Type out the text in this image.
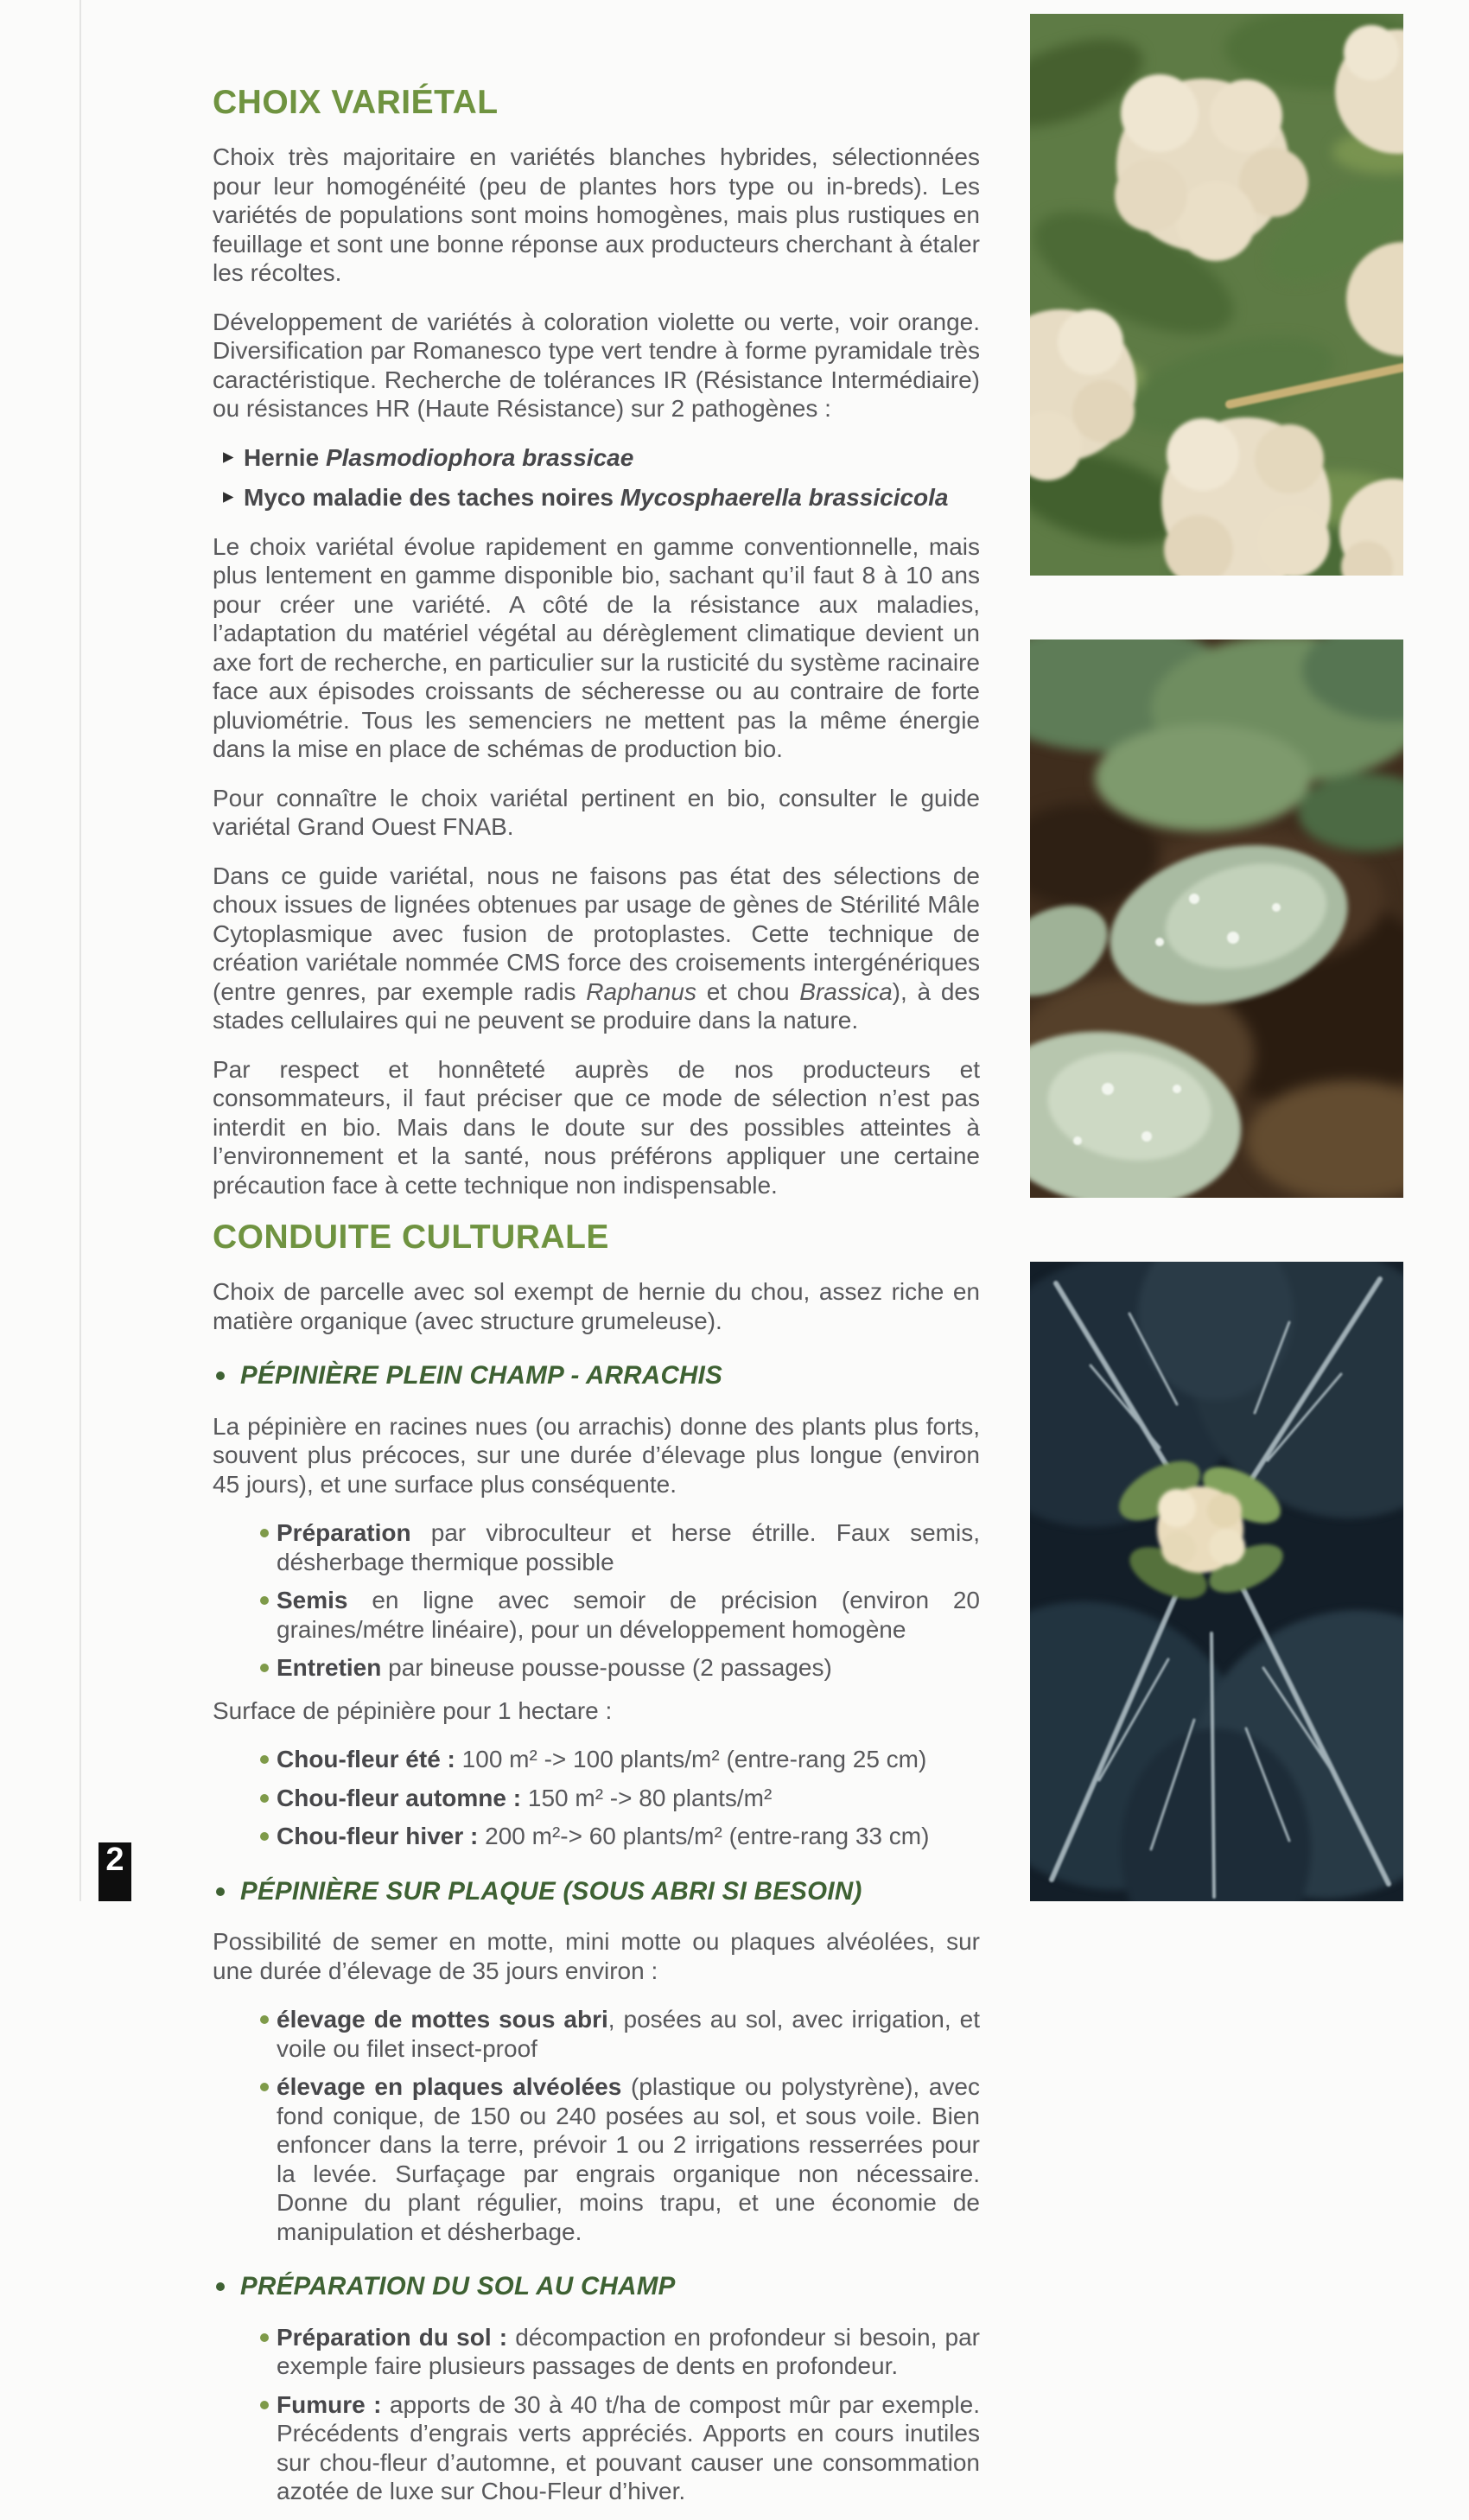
CHOIX VARIÉTAL

Choix très majoritaire en variétés blanches hybrides, sélectionnées pour leur homogénéité (peu de plantes hors type ou in-breds). Les variétés de populations sont moins homogènes, mais plus rustiques en feuillage et sont une bonne réponse aux producteurs cherchant à étaler les récoltes.

Développement de variétés à coloration violette ou verte, voir orange. Diversification par Romanesco type vert tendre à forme pyramidale très caractéristique. Recherche de tolérances IR (Résistance Intermédiaire) ou résistances HR (Haute Résistance) sur 2 pathogènes :

▸ Hernie Plasmodiophora brassicae
▸ Myco maladie des taches noires Mycosphaerella brassicicola

Le choix variétal évolue rapidement en gamme conventionnelle, mais plus lentement en gamme disponible bio, sachant qu’il faut 8 à 10 ans pour créer une variété. A côté de la résistance aux maladies, l’adaptation du matériel végétal au dérèglement climatique devient un axe fort de recherche, en particulier sur la rusticité du système racinaire face aux épisodes croissants de sécheresse ou au contraire de forte pluviométrie. Tous les semenciers ne mettent pas la même énergie dans la mise en place de schémas de production bio.

Pour connaître le choix variétal pertinent en bio, consulter le guide variétal Grand Ouest FNAB.

Dans ce guide variétal, nous ne faisons pas état des sélections de choux issues de lignées obtenues par usage de gènes de Stérilité Mâle Cytoplasmique avec fusion de protoplastes. Cette technique de création variétale nommée CMS force des croisements intergénériques (entre genres, par exemple radis Raphanus et chou Brassica), à des stades cellulaires qui ne peuvent se produire dans la nature.

Par respect et honnêteté auprès de nos producteurs et consommateurs, il faut préciser que ce mode de sélection n’est pas interdit en bio. Mais dans le doute sur des possibles atteintes à l’environnement et la santé, nous préférons appliquer une certaine précaution face à cette technique non indispensable.

CONDUITE CULTURALE

Choix de parcelle avec sol exempt de hernie du chou, assez riche en matière organique (avec structure grumeleuse).

PÉPINIÈRE PLEIN CHAMP - ARRACHIS

La pépinière en racines nues (ou arrachis) donne des plants plus forts, souvent plus précoces, sur une durée d’élevage plus longue (environ 45 jours), et une surface plus conséquente.

Préparation par vibroculteur et herse étrille. Faux semis, désherbage thermique possible
Semis en ligne avec semoir de précision (environ 20 graines/métre linéaire), pour un développement homogène
Entretien par bineuse pousse-pousse (2 passages)

Surface de pépinière pour 1 hectare :

Chou-fleur été : 100 m² -> 100 plants/m² (entre-rang 25 cm)
Chou-fleur automne : 150 m² -> 80 plants/m²
Chou-fleur hiver : 200 m²-> 60 plants/m² (entre-rang 33 cm)
PÉPINIÈRE SUR PLAQUE (SOUS ABRI SI BESOIN)

Possibilité de semer en motte, mini motte ou plaques alvéolées, sur une durée d’élevage de 35 jours environ :

élevage de mottes sous abri, posées au sol, avec irrigation, et voile ou filet insect-proof
élevage en plaques alvéolées (plastique ou polystyrène), avec fond conique, de 150 ou 240 posées au sol, et sous voile. Bien enfoncer dans la terre, prévoir 1 ou 2 irrigations resserrées pour la levée. Surfaçage par engrais organique non nécessaire. Donne du plant régulier, moins trapu, et une économie de manipulation et désherbage.
PRÉPARATION DU SOL AU CHAMP
Préparation du sol : décompaction en profondeur si besoin, par exemple faire plusieurs passages de dents en profondeur.
Fumure : apports de 30 à 40 t/ha de compost mûr par exemple. Précédents d’engrais verts appréciés. Apports en cours inutiles sur chou-fleur d’automne, et pouvant causer une consommation azotée de luxe sur Chou-Fleur d’hiver.
2
